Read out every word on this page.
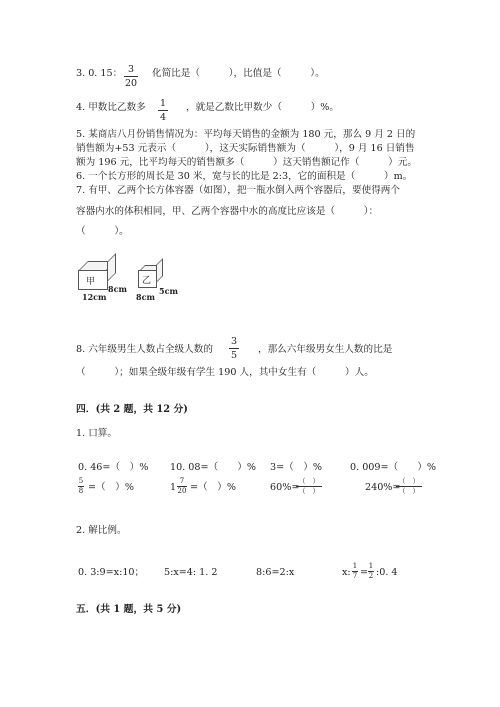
3. 0. 15： 3
20
化简比是（　　　），比值是（　　　）。
4. 甲数比乙数多 1
4
，就是乙数比甲数少（　　　）%。
5. 某商店八月份销售情况为：平均每天销售的金额为 180 元，那么 9 月 2 日的
销售额为+53 元表示（　　　），这天实际销售额为（　　　），9 月 16 日销售
额为 196 元，比平均每天的销售额多（　　　）这天销售额记作（　　　）元。
6. 一个长方形的周长是 30 米，宽与长的比是 2:3，它的面积是（　　　）m。
7. 有甲、乙两个长方体容器（如图），把一瓶水倒入两个容器后，要使得两个
容器内水的体积相同，甲、乙两个容器中水的高度比应该是（　　　）：
（　　　）。
甲
8cm
12cm
乙
5cm
8cm
8. 六年级男生人数占全级人数的
3
5
，那么六年级男女生人数的比是
（　　　）；如果全级年级有学生 190 人，其中女生有（　　　）人。
四．(共 2 题，共 12 分)
1. 口算。
0. 46=（　）% 10. 08=（　　）% 3=（　）%	0. 009=（　　）%
5
8 =（　）%	1
7
20 =（　）%	60%=
（　）
（　）	240%=
（　）
（　）
2. 解比例。
0. 3:9=x:10； 5:x=4: 1. 2	8:6=2:x	x:
1
7 =
1
2 :0. 4
五．(共 1 题，共 5 分)
